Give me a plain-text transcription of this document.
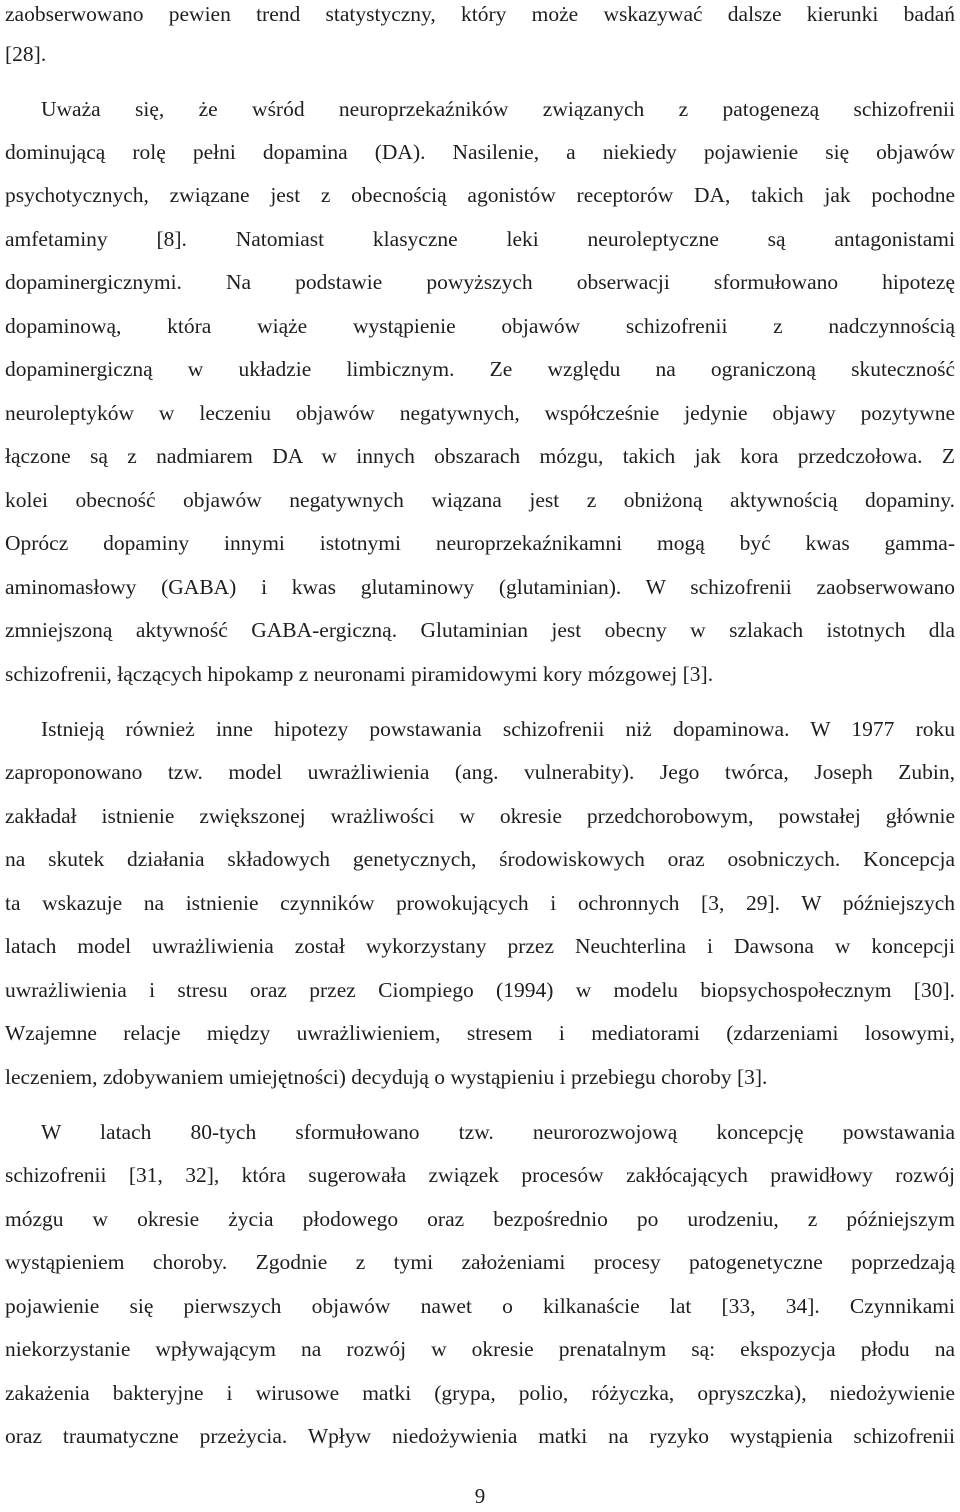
zaobserwowano pewien trend statystyczny, który może wskazywać dalsze kierunki badań
[28].
Uważa się, że wśród neuroprzekaźników związanych z patogenezą schizofrenii
dominującą rolę pełni dopamina (DA). Nasilenie, a niekiedy pojawienie się objawów
psychotycznych, związane jest z obecnością agonistów receptorów DA, takich jak pochodne
amfetaminy [8]. Natomiast klasyczne leki neuroleptyczne są antagonistami
dopaminergicznymi. Na podstawie powyższych obserwacji sformułowano hipotezę
dopaminową, która wiąże wystąpienie objawów schizofrenii z nadczynnością
dopaminergiczną w układzie limbicznym. Ze względu na ograniczoną skuteczność
neuroleptyków w leczeniu objawów negatywnych, współcześnie jedynie objawy pozytywne
łączone są z nadmiarem DA w innych obszarach mózgu, takich jak kora przedczołowa. Z
kolei obecność objawów negatywnych wiązana jest z obniżoną aktywnością dopaminy.
Oprócz dopaminy innymi istotnymi neuroprzekaźnikamni mogą być kwas gamma-
aminomasłowy (GABA) i kwas glutaminowy (glutaminian). W schizofrenii zaobserwowano
zmniejszoną aktywność GABA-ergiczną. Glutaminian jest obecny w szlakach istotnych dla
schizofrenii, łączących hipokamp z neuronami piramidowymi kory mózgowej [3].
Istnieją również inne hipotezy powstawania schizofrenii niż dopaminowa. W 1977 roku
zaproponowano tzw. model uwrażliwienia (ang. vulnerabity). Jego twórca, Joseph Zubin,
zakładał istnienie zwiększonej wrażliwości w okresie przedchorobowym, powstałej głównie
na skutek działania składowych genetycznych, środowiskowych oraz osobniczych. Koncepcja
ta wskazuje na istnienie czynników prowokujących i ochronnych [3, 29]. W późniejszych
latach model uwrażliwienia został wykorzystany przez Neuchterlina i Dawsona w koncepcji
uwrażliwienia i stresu oraz przez Ciompiego (1994) w modelu biopsychospołecznym [30].
Wzajemne relacje między uwrażliwieniem, stresem i mediatorami (zdarzeniami losowymi,
leczeniem, zdobywaniem umiejętności) decydują o wystąpieniu i przebiegu choroby [3].
W latach 80-tych sformułowano tzw. neurorozwojową koncepcję powstawania
schizofrenii [31, 32], która sugerowała związek procesów zakłócających prawidłowy rozwój
mózgu w okresie życia płodowego oraz bezpośrednio po urodzeniu, z późniejszym
wystąpieniem choroby. Zgodnie z tymi założeniami procesy patogenetyczne poprzedzają
pojawienie się pierwszych objawów nawet o kilkanaście lat [33, 34]. Czynnikami
niekorzystanie wpływającym na rozwój w okresie prenatalnym są: ekspozycja płodu na
zakażenia bakteryjne i wirusowe matki (grypa, polio, różyczka, opryszczka), niedożywienie
oraz traumatyczne przeżycia. Wpływ niedożywienia matki na ryzyko wystąpienia schizofrenii
9
